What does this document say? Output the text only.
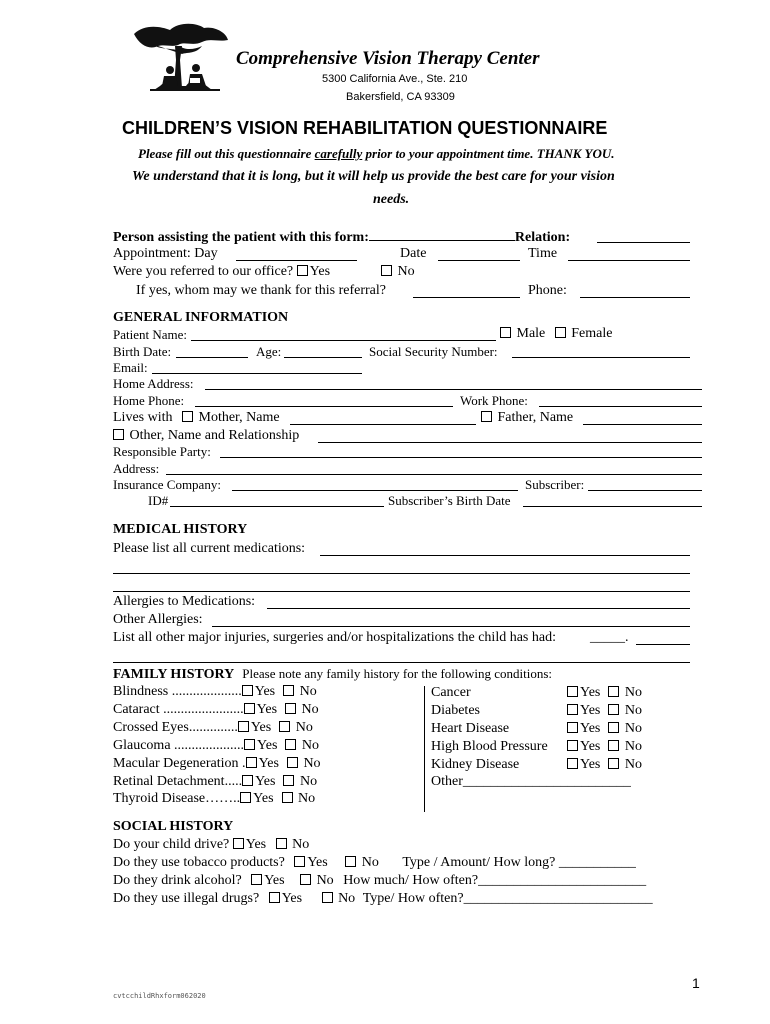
Comprehensive Vision Therapy Center
5300 California Ave., Ste. 210
Bakersfield, CA 93309
CHILDREN’S VISION REHABILITATION QUESTIONNAIRE
Please fill out this questionnaire carefully prior to your appointment time. THANK YOU.
We understand that it is long, but it will help us provide the best care for your vision
needs.
Person assisting the patient with this form:	Relation:
Appointment: Day	Date	Time
Were you referred to our office? Yes	No
If yes, whom may we thank for this referral?	Phone:
GENERAL INFORMATION
Patient Name:	Male Female
Birth Date:	Age:	Social Security Number:
Email:
Home Address:
Home Phone:	Work Phone:
Lives with Mother, Name	Father, Name
Other, Name and Relationship
Responsible Party:
Address:
Insurance Company:	Subscriber:
ID#	Subscriber’s Birth Date
MEDICAL HISTORY
Please list all current medications:
Allergies to Medications:
Other Allergies:
List all other major injuries, surgeries and/or hospitalizations the child has had: _____.
FAMILY HISTORY Please note any family history for the following conditions:
Blindness .................... Yes No
Cataract ....................... Yes No
Crossed Eyes.............. Yes No
Glaucoma .................... Yes No
Macular Degeneration . Yes No
Retinal Detachment..... Yes No
Thyroid Disease…….. Yes No
Cancer	Yes No
Diabetes	Yes No
Heart Disease	Yes No
High Blood Pressure	Yes No
Kidney Disease	Yes No
Other________________________
SOCIAL HISTORY
Do your child drive? Yes No
Do they use tobacco products? Yes No Type / Amount/ How long? ___________
Do they drink alcohol? Yes No How much/ How often?________________________
Do they use illegal drugs? Yes	No Type/ How often?___________________________
1
cvtcchildRhxform062020
